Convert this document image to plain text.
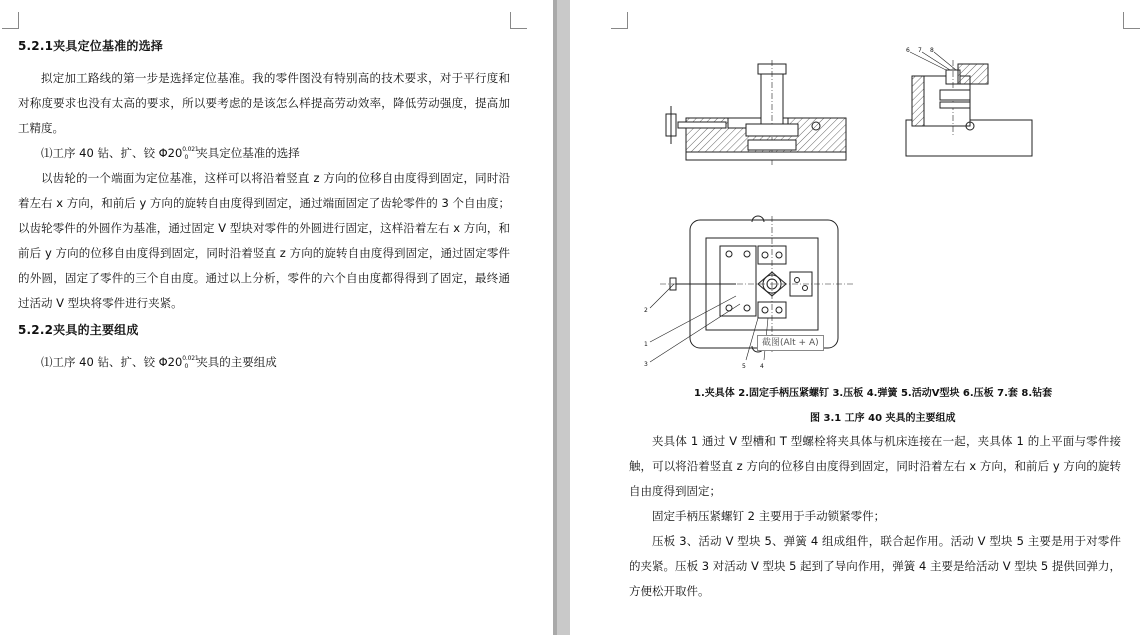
5.2.1夹具定位基准的选择
拟定加工路线的第一步是选择定位基准。我的零件图没有特别高的技术要求，对于平行度和对称度要求也没有太高的要求，所以要考虑的是该怎么样提高劳动效率，降低劳动强度，提高加工精度。
⑴工序 40 钻、扩、铰 $\Phi 20^{0.021}0$ 夹具定位基准的选择
以齿轮的一个端面为定位基准，这样可以将沿着竖直 z 方向的位移自由度得到固定，同时沿着左右 x 方向，和前后 y 方向的旋转自由度得到固定，通过端面固定了齿轮零件的 3 个自由度；以齿轮零件的外圆作为基准，通过固定 V 型块对零件的外圆进行固定，这样沿着左右 x 方向，和前后 y 方向的位移自由度得到固定，同时沿着竖直 z 方向的旋转自由度得到固定，通过固定零件的外圆，固定了零件的三个自由度。通过以上分析，零件的六个自由度都得得到了固定，最终通过活动 V 型块将零件进行夹紧。
5.2.2夹具的主要组成
⑴工序 40 钻、扩、铰 $\Phi 20^{0.021}0$ 夹具的主要组成
6 7 8
2
1
3	5 4
截图(Alt + A)
1.夹具体 2.固定手柄压紧螺钉 3.压板 4.弹簧 5.活动V型块 6.压板 7.套 8.钻套
图 3.1 工序 40 夹具的主要组成
夹具体 1 通过 V 型槽和 T 型螺栓将夹具体与机床连接在一起，夹具体 1 的上平面与零件接触，可以将沿着竖直 z 方向的位移自由度得到固定，同时沿着左右 x 方向，和前后 y 方向的旋转自由度得到固定；
固定手柄压紧螺钉 2 主要用于手动锁紧零件；
压板 3、活动 V 型块 5、弹簧 4 组成组件，联合起作用。活动 V 型块 5 主要是用于对零件的夹紧。压板 3 对活动 V 型块 5 起到了导向作用，弹簧 4 主要是给活动 V 型块 5 提供回弹力，方便松开取件。
